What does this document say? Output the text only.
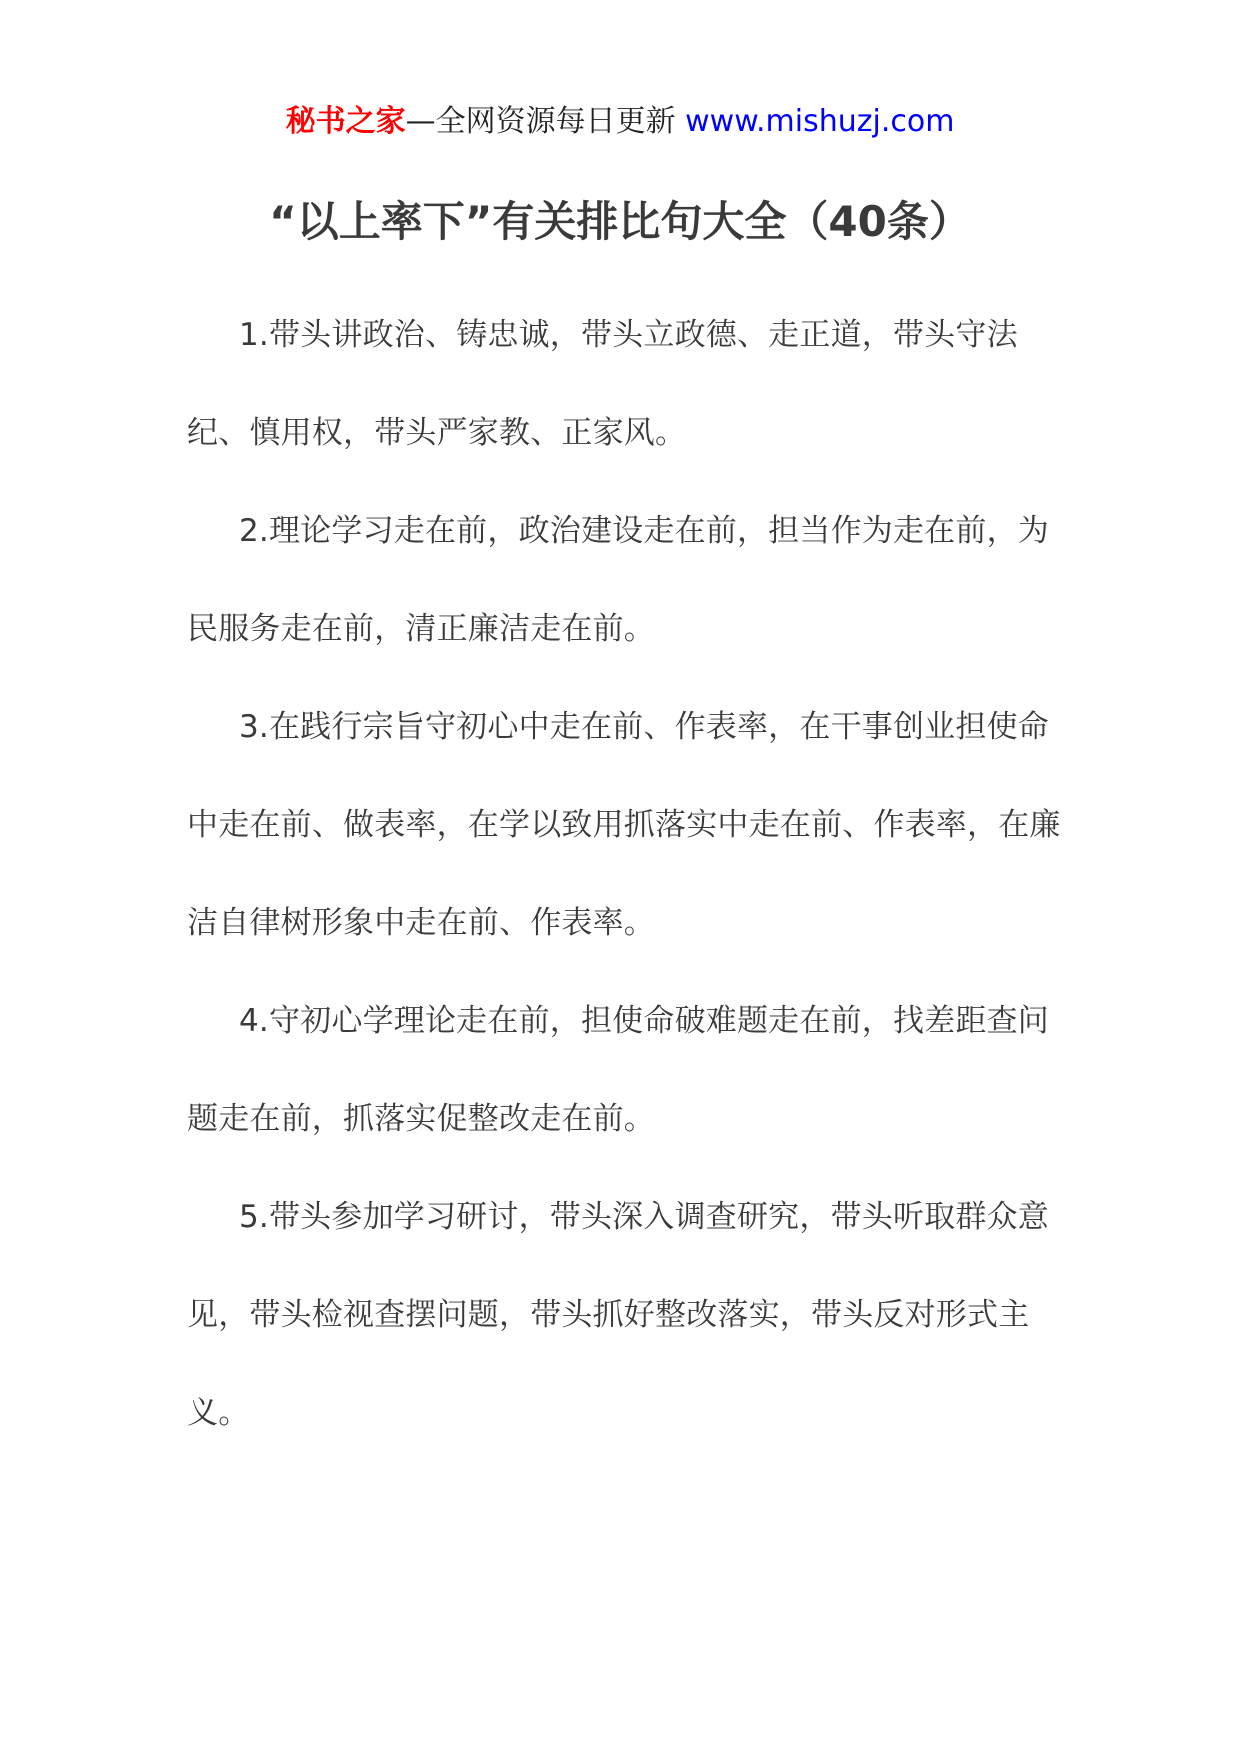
秘书之家—全网资源每日更新 www.mishuzj.com
“以上率下”有关排比句大全（40条）

1.带头讲政治、铸忠诚，带头立政德、走正道，带头守法纪、慎用权，带头严家教、正家风。

2.理论学习走在前，政治建设走在前，担当作为走在前，为民服务走在前，清正廉洁走在前。

3.在践行宗旨守初心中走在前、作表率，在干事创业担使命中走在前、做表率，在学以致用抓落实中走在前、作表率，在廉洁自律树形象中走在前、作表率。

4.守初心学理论走在前，担使命破难题走在前，找差距查问题走在前，抓落实促整改走在前。

5.带头参加学习研讨，带头深入调查研究，带头听取群众意见，带头检视查摆问题，带头抓好整改落实，带头反对形式主义。
